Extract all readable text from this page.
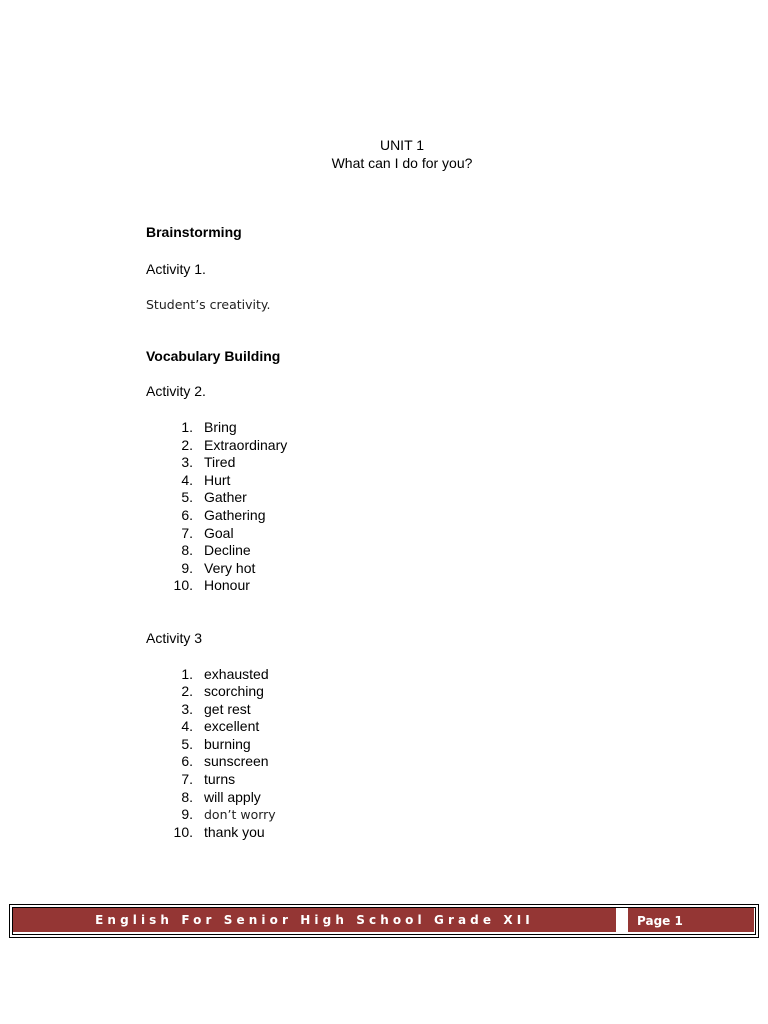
UNIT 1
What can I do for you?

Brainstorming

Activity 1.

Student’s creativity.

Vocabulary Building

Activity 2.

1. Bring
2. Extraordinary
3. Tired
4. Hurt
5. Gather
6. Gathering
7. Goal
8. Decline
9. Very hot
10. Honour

Activity 3

1. exhausted
2. scorching
3. get rest
4. excellent
5. burning
6. sunscreen
7. turns
8. will apply
9. don’t worry
10. thank you
English For Senior High School Grade XII	Page 1
